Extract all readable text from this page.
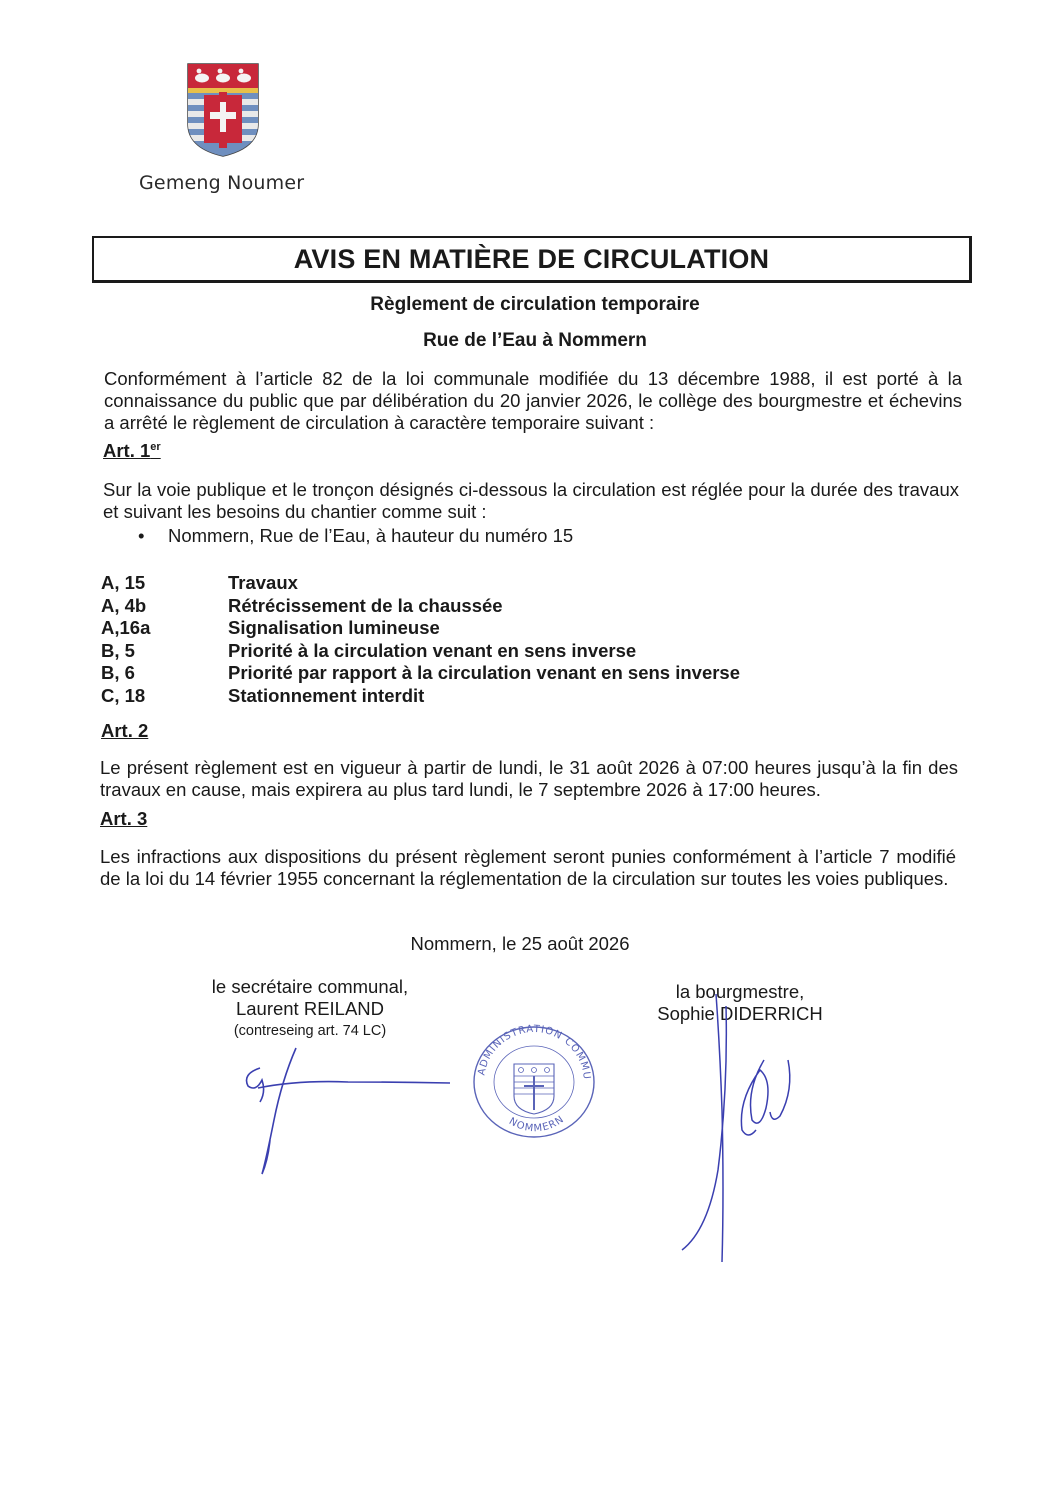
Gemeng Noumer
AVIS EN MATIÈRE DE CIRCULATION
Règlement de circulation temporaire
Rue de l’Eau à Nommern
Conformément à l’article 82 de la loi communale modifiée du 13 décembre 1988, il est porté à la connaissance du public que par délibération du 20 janvier 2026, le collège des bourgmestre et échevins a arrêté le règlement de circulation à caractère temporaire suivant :
Art. 1er
Sur la voie publique et le tronçon désignés ci-dessous la circulation est réglée pour la durée des travaux et suivant les besoins du chantier comme suit :
• Nommern, Rue de l’Eau, à hauteur du numéro 15
A, 15	Travaux
A, 4b	Rétrécissement de la chaussée
A,16a	Signalisation lumineuse
B, 5	Priorité à la circulation venant en sens inverse
B, 6	Priorité par rapport à la circulation venant en sens inverse
C, 18	Stationnement interdit
Art. 2
Le présent règlement est en vigueur à partir de lundi, le 31 août 2026 à 07:00 heures jusqu’à la fin des travaux en cause, mais expirera au plus tard lundi, le 7 septembre 2026 à 17:00 heures.
Art. 3
Les infractions aux dispositions du présent règlement seront punies conformément à l’article 7 modifié de la loi du 14 février 1955 concernant la réglementation de la circulation sur toutes les voies publiques.
Nommern, le 25 août 2026
le secrétaire communal,
Laurent REILAND
(contreseing art. 74 LC)
la bourgmestre,
Sophie DIDERRICH
ADMINISTRATION COMMUNALE
NOMMERN
